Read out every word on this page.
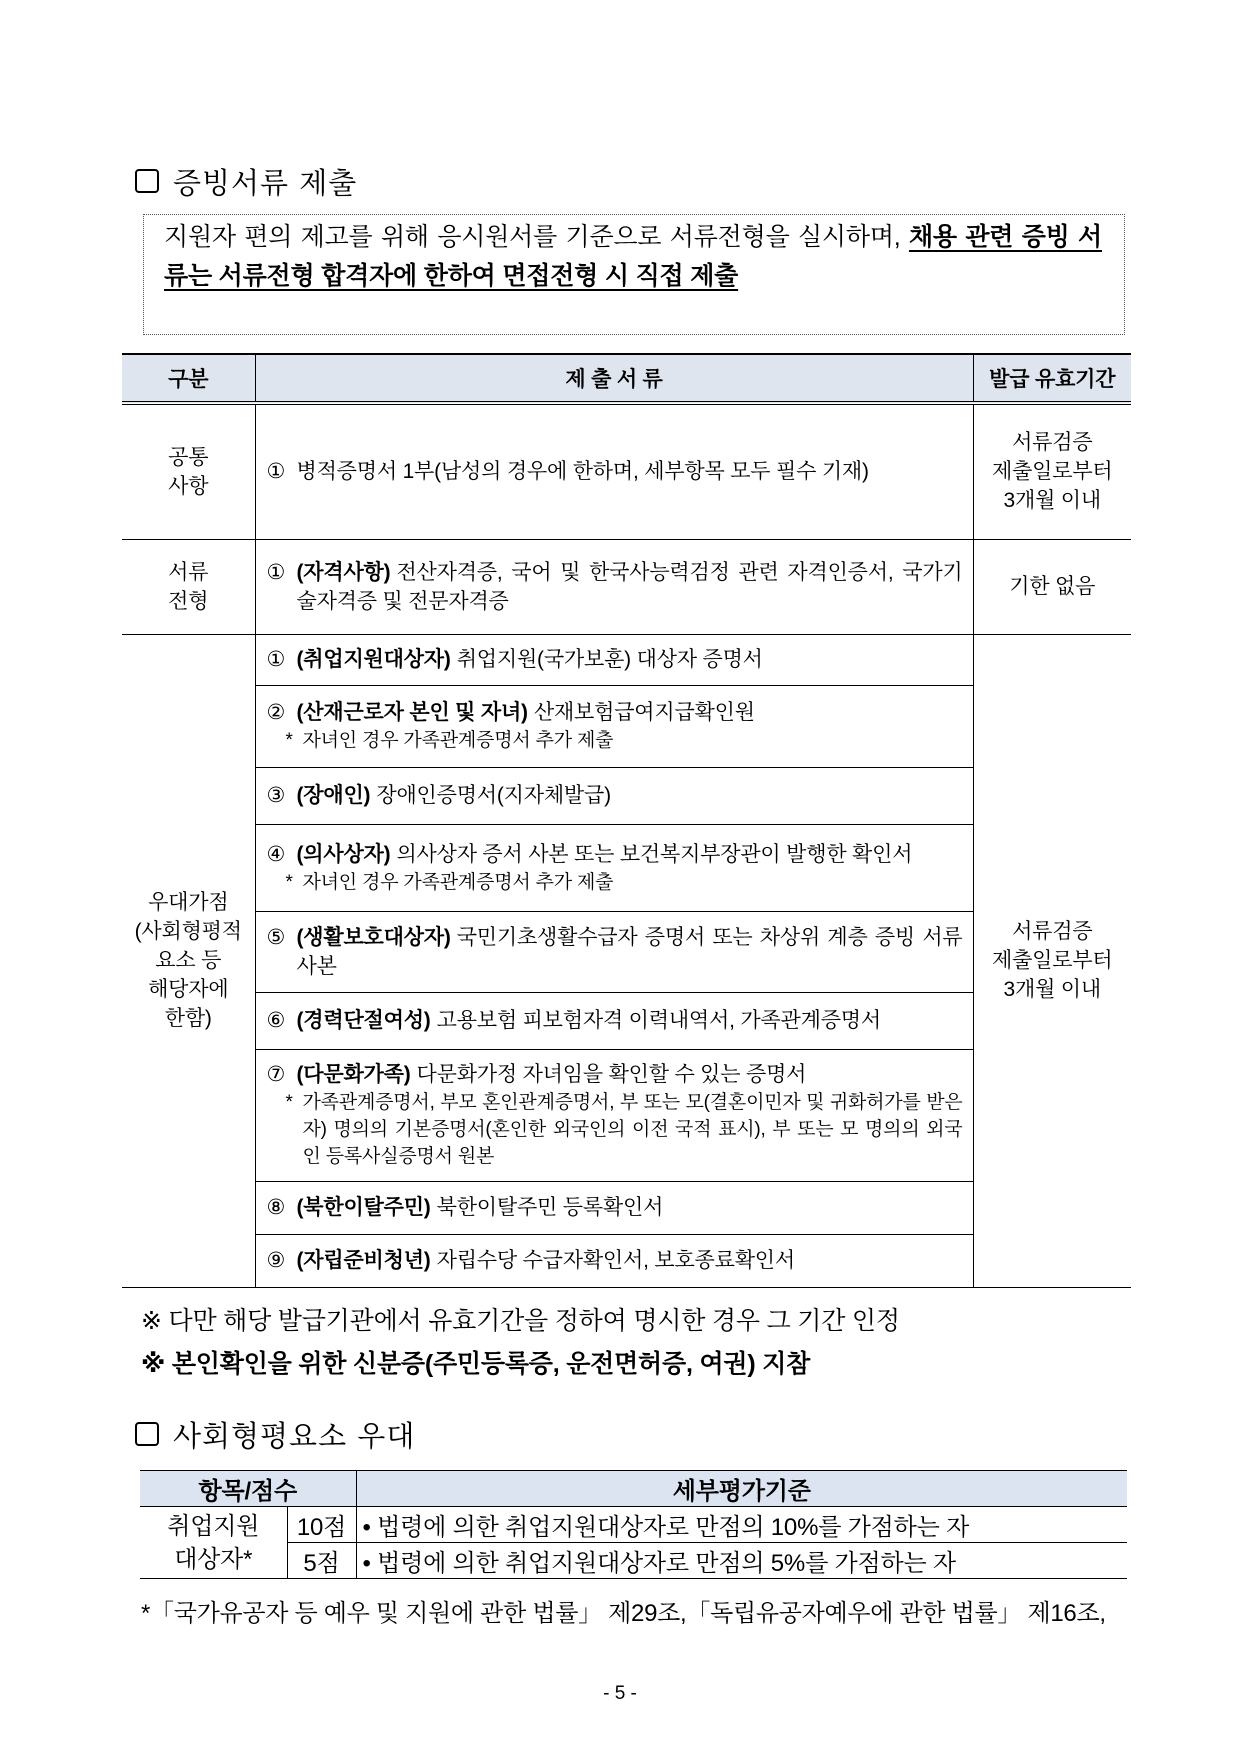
증빙서류 제출
지원자 편의 제고를 위해 응시원서를 기준으로 서류전형을 실시하며, 채용 관련 증빙 서류는 서류전형 합격자에 한하여 면접전형 시 직접 제출
구분	제 출 서 류	발급 유효기간

공통
사항	① 병적증명서 1부(남성의 경우에 한하며, 세부항목 모두 필수 기재)	서류검증
제출일로부터
3개월 이내

서류
전형	① (자격사항) 전산자격증, 국어 및 한국사능력검정 관련 자격인증서, 국가기술자격증 및 전문자격증	기한 없음

우대가점
(사회형평적
요소 등
해당자에
한함)	① (취업지원대상자) 취업지원(국가보훈) 대상자 증명서	서류검증
제출일로부터
3개월 이내

	② (산재근로자 본인 및 자녀) 산재보험급여지급확인원
* 자녀인 경우 가족관계증명서 추가 제출	

	③ (장애인) 장애인증명서(지자체발급)	

	④ (의사상자) 의사상자 증서 사본 또는 보건복지부장관이 발행한 확인서
* 자녀인 경우 가족관계증명서 추가 제출	

	⑤ (생활보호대상자) 국민기초생활수급자 증명서 또는 차상위 계층 증빙 서류 사본	

	⑥ (경력단절여성) 고용보험 피보험자격 이력내역서, 가족관계증명서	

	⑦ (다문화가족) 다문화가정 자녀임을 확인할 수 있는 증명서
* 가족관계증명서, 부모 혼인관계증명서, 부 또는 모(결혼이민자 및 귀화허가를 받은 자) 명의의 기본증명서(혼인한 외국인의 이전 국적 표시), 부 또는 모 명의의 외국인 등록사실증명서 원본	

	⑧ (북한이탈주민) 북한이탈주민 등록확인서	

	⑨ (자립준비청년) 자립수당 수급자확인서, 보호종료확인서	
※ 다만 해당 발급기관에서 유효기간을 정하여 명시한 경우 그 기간 인정
※ 본인확인을 위한 신분증(주민등록증, 운전면허증, 여권) 지참
사회형평요소 우대
항목/점수		세부평가기준

취업지원
대상자*	10점	• 법령에 의한 취업지원대상자로 만점의 10%를 가점하는 자
	5점	• 법령에 의한 취업지원대상자로 만점의 5%를 가점하는 자
*「국가유공자 등 예우 및 지원에 관한 법률」 제29조,「독립유공자예우에 관한 법률」 제16조,
- 5 -
